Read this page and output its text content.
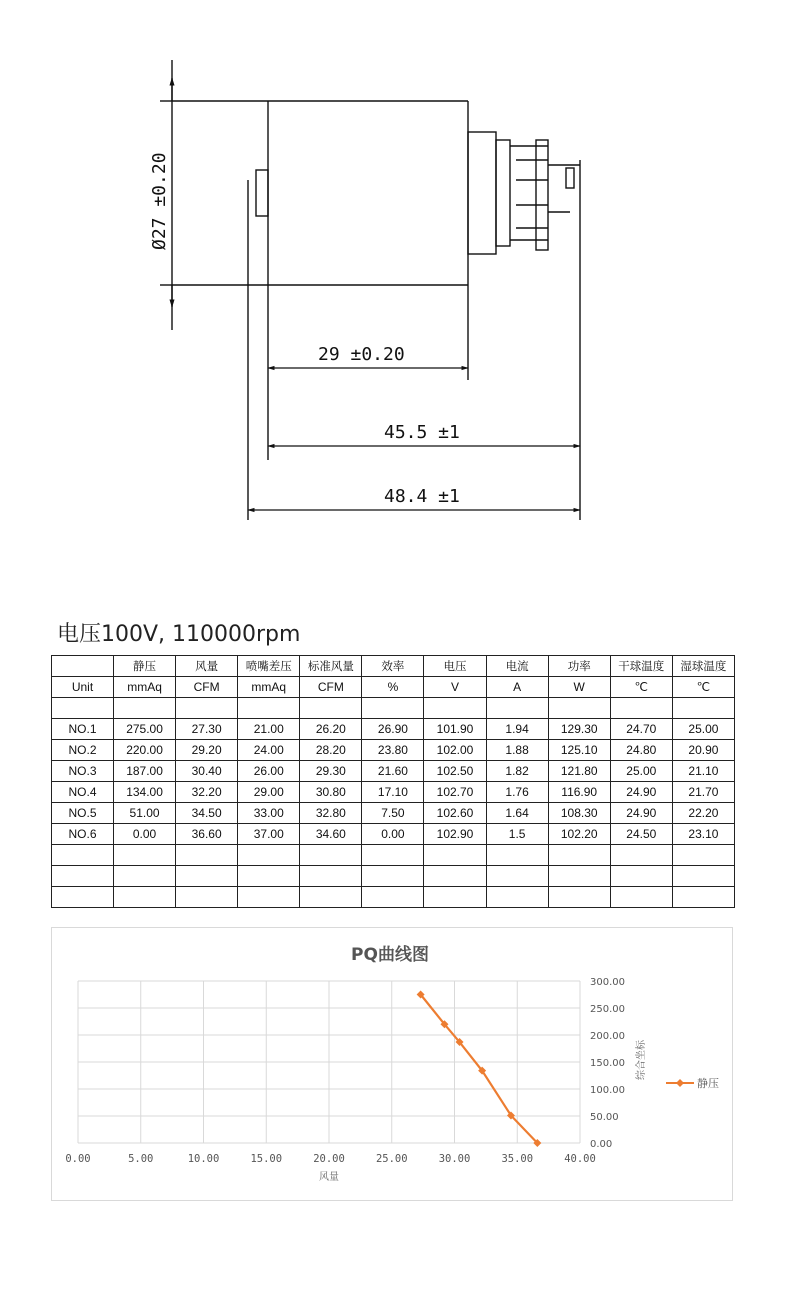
Ø27 ±0.20
29 ±0.20
45.5 ±1
48.4 ±1
电压100V, 110000rpm
	静压	风量	喷嘴差压	标准风量	效率	电压	电流	功率	干球温度	湿球温度
Unit	mmAq	CFM	mmAq	CFM	%	V	A	W	℃	℃

NO.1	275.00	27.30	21.00	26.20	26.90	101.90	1.94	129.30	24.70	25.00
NO.2	220.00	29.20	24.00	28.20	23.80	102.00	1.88	125.10	24.80	20.90
NO.3	187.00	30.40	26.00	29.30	21.60	102.50	1.82	121.80	25.00	21.10
NO.4	134.00	32.20	29.00	30.80	17.10	102.70	1.76	116.90	24.90	21.70
NO.5	51.00	34.50	33.00	32.80	7.50	102.60	1.64	108.30	24.90	22.20
NO.6	0.00	36.60	37.00	34.60	0.00	102.90	1.5	102.20	24.50	23.10

PQ曲线图
0.00	5.00	10.00	15.00	20.00	25.00	30.00	35.00	40.00
0.00
50.00
100.00
150.00
200.00
250.00
300.00
风量
综合坐标
静压
